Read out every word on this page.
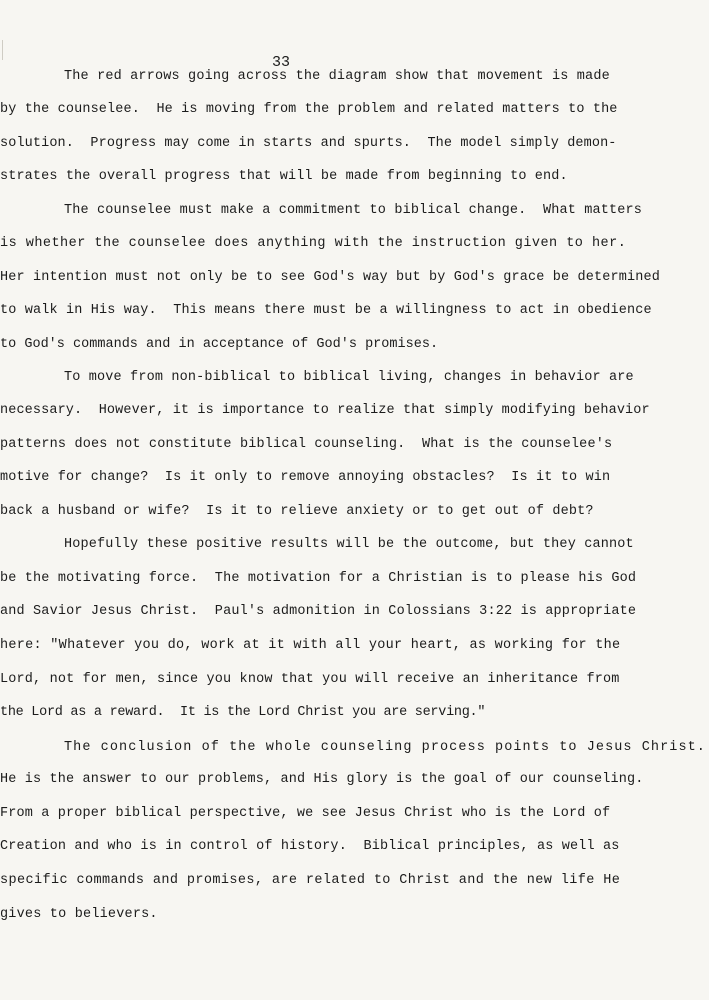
33
The red arrows going across the diagram show that movement is made
by the counselee.  He is moving from the problem and related matters to the
solution.  Progress may come in starts and spurts.  The model simply demon-
strates the overall progress that will be made from beginning to end.
The counselee must make a commitment to biblical change.  What matters
is whether the counselee does anything with the instruction given to her.
Her intention must not only be to see God's way but by God's grace be determined
to walk in His way.  This means there must be a willingness to act in obedience
to God's commands and in acceptance of God's promises.
To move from non-biblical to biblical living, changes in behavior are
necessary.  However, it is importance to realize that simply modifying behavior
patterns does not constitute biblical counseling.  What is the counselee's
motive for change?  Is it only to remove annoying obstacles?  Is it to win
back a husband or wife?  Is it to relieve anxiety or to get out of debt?
Hopefully these positive results will be the outcome, but they cannot
be the motivating force.  The motivation for a Christian is to please his God
and Savior Jesus Christ.  Paul's admonition in Colossians 3:22 is appropriate
here: "Whatever you do, work at it with all your heart, as working for the
Lord, not for men, since you know that you will receive an inheritance from
the Lord as a reward.  It is the Lord Christ you are serving."
The conclusion of the whole counseling process points to Jesus Christ.
He is the answer to our problems, and His glory is the goal of our counseling.
From a proper biblical perspective, we see Jesus Christ who is the Lord of
Creation and who is in control of history.  Biblical principles, as well as
specific commands and promises, are related to Christ and the new life He
gives to believers.
